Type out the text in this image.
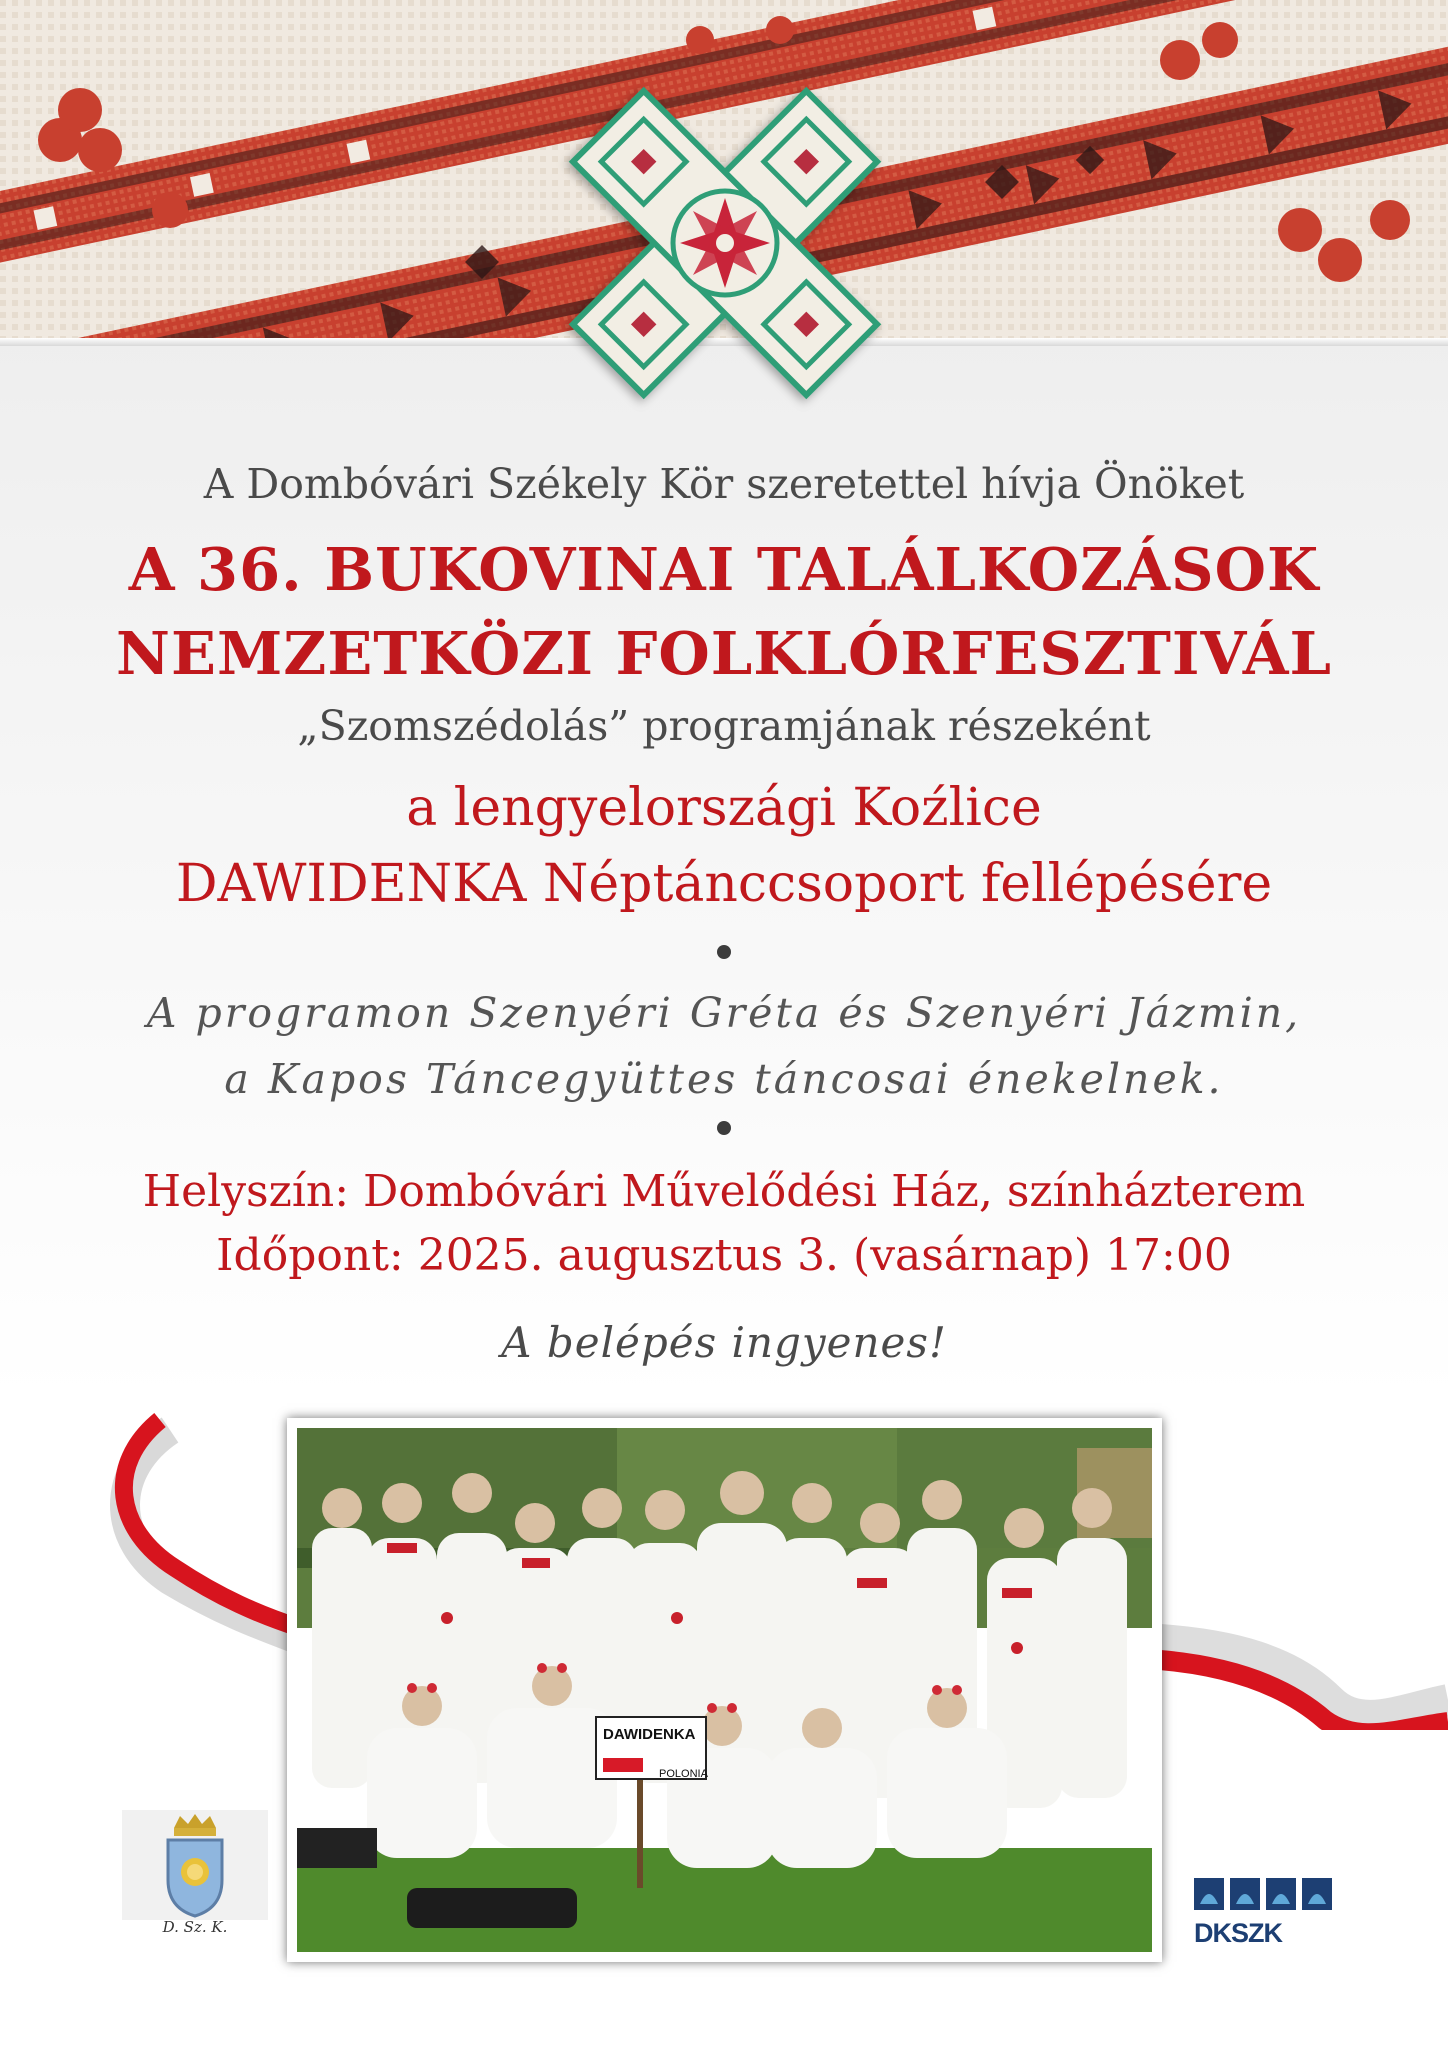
A Dombóvári Székely Kör szeretettel hívja Önöket
A 36. BUKOVINAI TALÁLKOZÁSOK
NEMZETKÖZI FOLKLÓRFESZTIVÁL
„Szomszédolás” programjának részeként
a lengyelországi Koźlice
DAWIDENKA Néptánccsoport fellépésére
A programon Szenyéri Gréta és Szenyéri Jázmin,
a Kapos Táncegyüttes táncosai énekelnek.
Helyszín: Dombóvári Művelődési Ház, színházterem
Időpont: 2025. augusztus 3. (vasárnap) 17:00
A belépés ingyenes!
DAWIDENKA
POLONIA
D. Sz. K.	DKSZK
